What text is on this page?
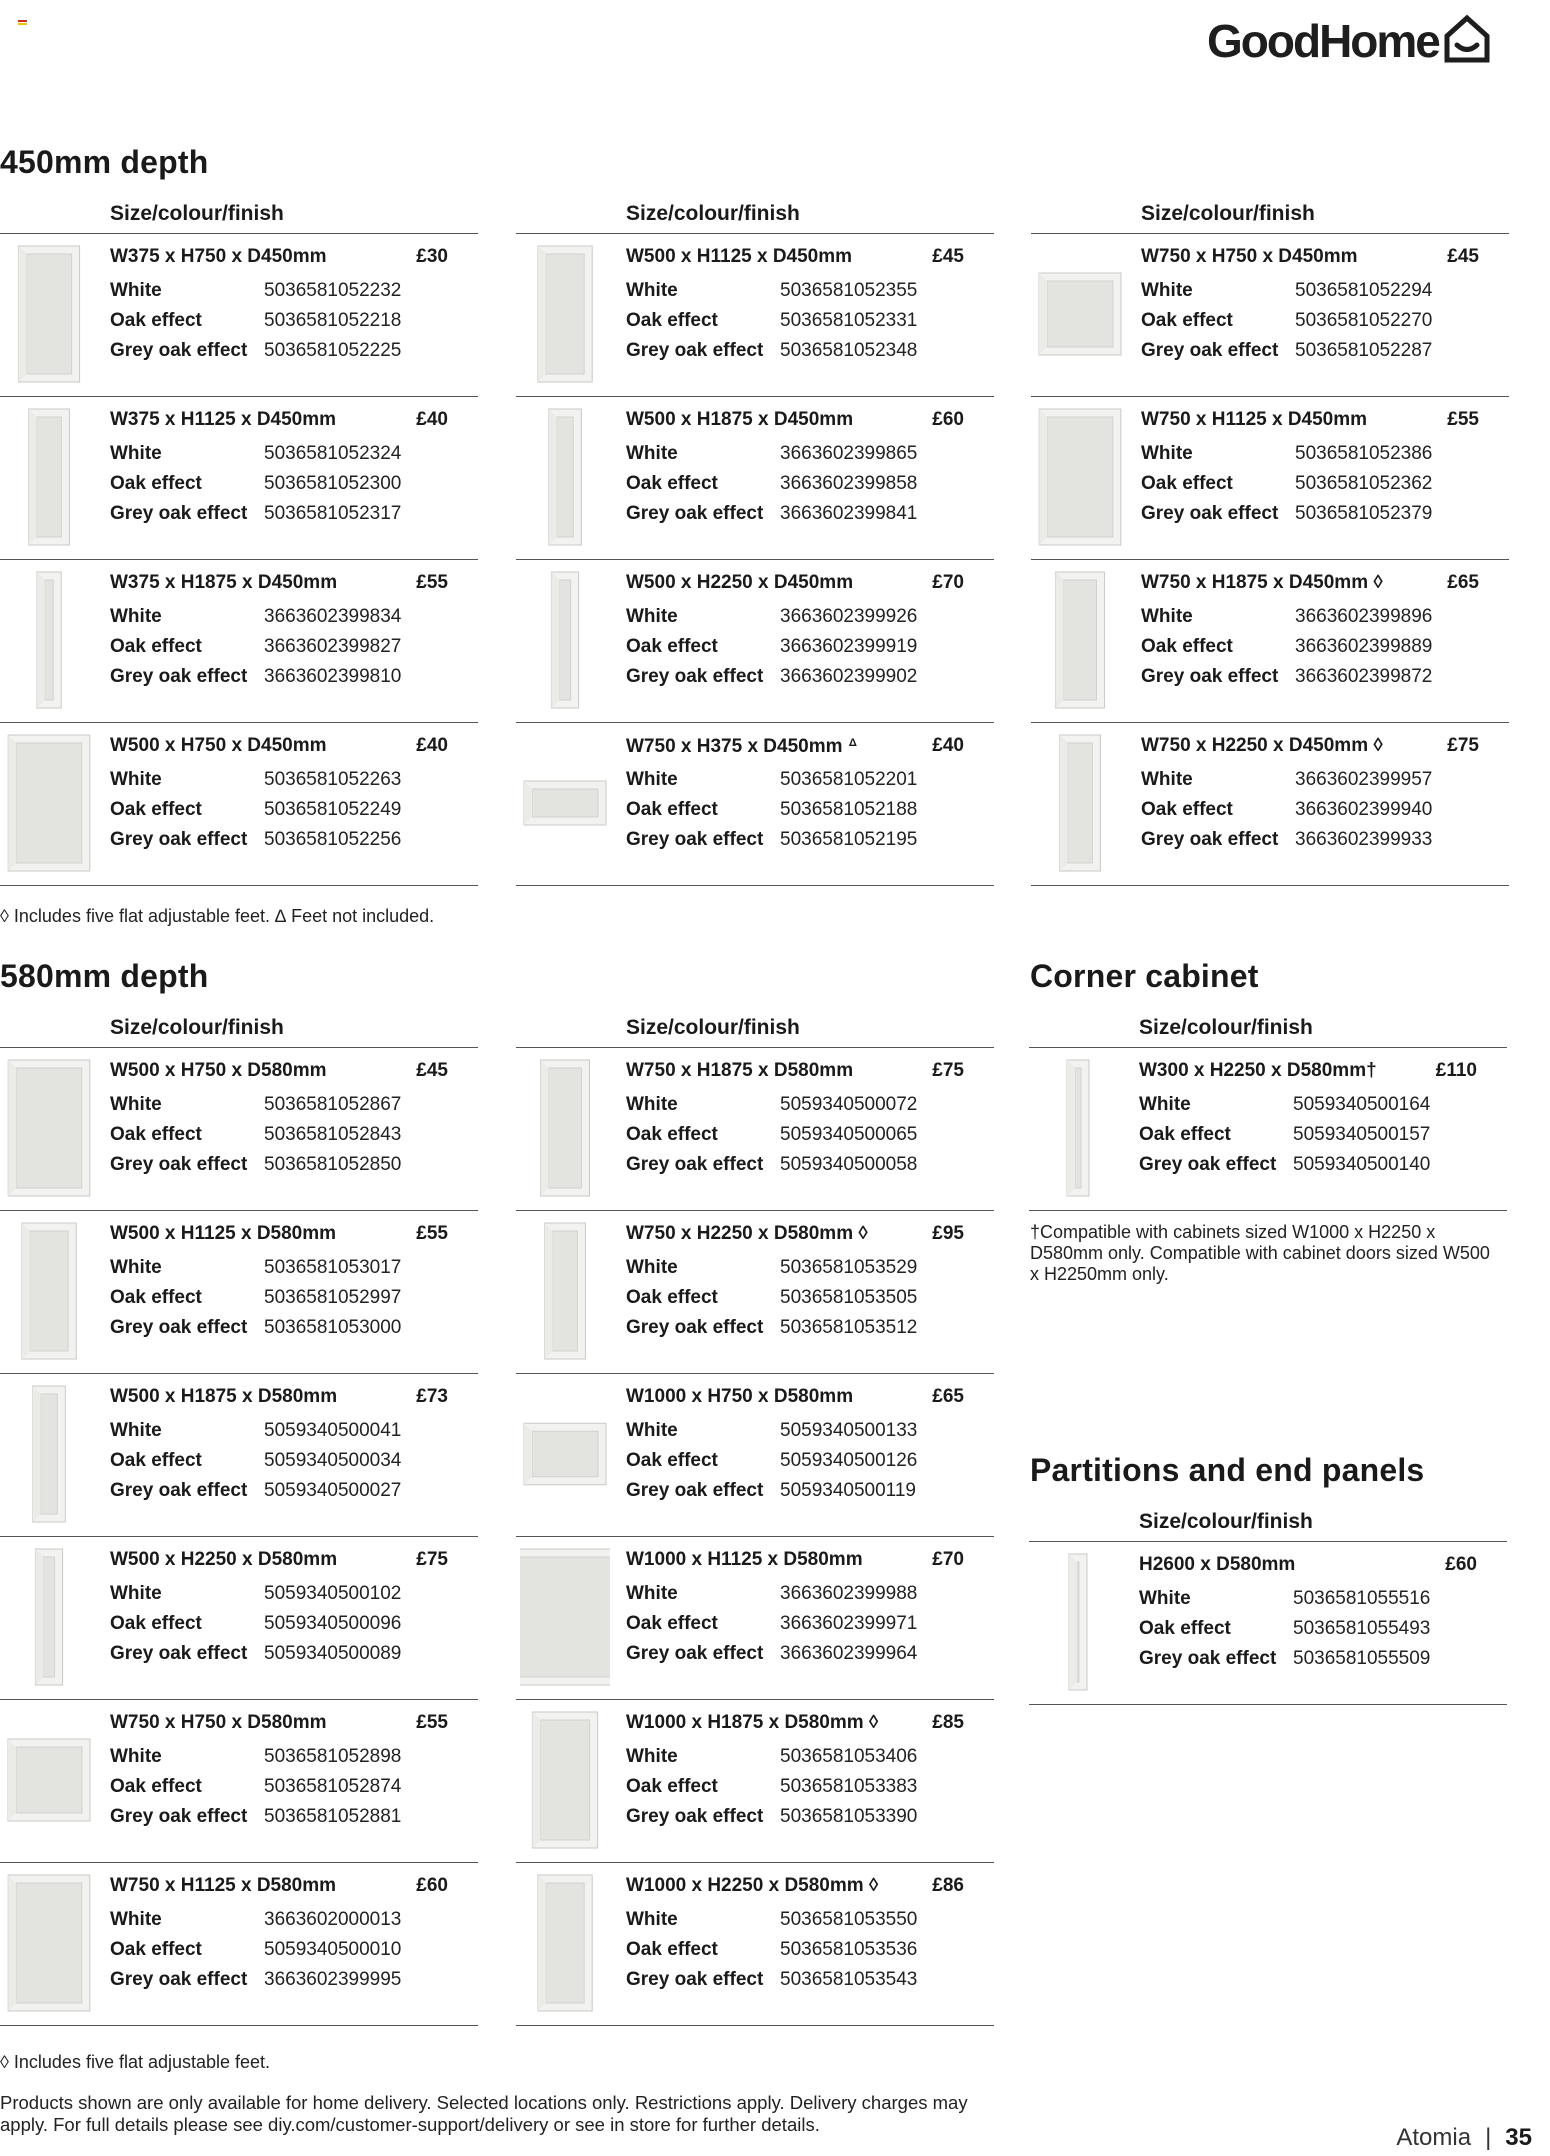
GoodHome
450mm depth
580mm depth	Corner cabinet
Partitions and end panels
Size/colour/finish
W375 x H750 x D450mm	£30
White	5036581052232
Oak effect	5036581052218
Grey oak effect 5036581052225
W375 x H1125 x D450mm	£40
White	5036581052324
Oak effect	5036581052300
Grey oak effect 5036581052317
W375 x H1875 x D450mm	£55
White	3663602399834
Oak effect	3663602399827
Grey oak effect 3663602399810
W500 x H750 x D450mm	£40
White	5036581052263
Oak effect	5036581052249
Grey oak effect 5036581052256
Size/colour/finish
W500 x H1125 x D450mm	£45
White	5036581052355
Oak effect	5036581052331
Grey oak effect 5036581052348
W500 x H1875 x D450mm	£60
White	3663602399865
Oak effect	3663602399858
Grey oak effect 3663602399841
W500 x H2250 x D450mm	£70
White	3663602399926
Oak effect	3663602399919
Grey oak effect 3663602399902
W750 x H375 x D450mm ᐞ	£40
White	5036581052201
Oak effect	5036581052188
Grey oak effect 5036581052195
Size/colour/finish
W750 x H750 x D450mm	£45
White	5036581052294
Oak effect	5036581052270
Grey oak effect 5036581052287
W750 x H1125 x D450mm	£55
White	5036581052386
Oak effect	5036581052362
Grey oak effect 5036581052379
W750 x H1875 x D450mm ◊	£65
White	3663602399896
Oak effect	3663602399889
Grey oak effect 3663602399872
W750 x H2250 x D450mm ◊	£75
White	3663602399957
Oak effect	3663602399940
Grey oak effect 3663602399933
◊ Includes five flat adjustable feet. ∆ Feet not included.
Size/colour/finish
W500 x H750 x D580mm	£45
White	5036581052867
Oak effect	5036581052843
Grey oak effect 5036581052850
W500 x H1125 x D580mm	£55
White	5036581053017
Oak effect	5036581052997
Grey oak effect 5036581053000
W500 x H1875 x D580mm	£73
White	5059340500041
Oak effect	5059340500034
Grey oak effect 5059340500027
W500 x H2250 x D580mm	£75
White	5059340500102
Oak effect	5059340500096
Grey oak effect 5059340500089
W750 x H750 x D580mm	£55
White	5036581052898
Oak effect	5036581052874
Grey oak effect 5036581052881
W750 x H1125 x D580mm	£60
White	3663602000013
Oak effect	5059340500010
Grey oak effect 3663602399995
Size/colour/finish
W750 x H1875 x D580mm	£75
White	5059340500072
Oak effect	5059340500065
Grey oak effect 5059340500058
W750 x H2250 x D580mm ◊	£95
White	5036581053529
Oak effect	5036581053505
Grey oak effect 5036581053512
W1000 x H750 x D580mm	£65
White	5059340500133
Oak effect	5059340500126
Grey oak effect 5059340500119
W1000 x H1125 x D580mm	£70
White	3663602399988
Oak effect	3663602399971
Grey oak effect 3663602399964
W1000 x H1875 x D580mm ◊	£85
White	5036581053406
Oak effect	5036581053383
Grey oak effect 5036581053390
W1000 x H2250 x D580mm ◊	£86
White	5036581053550
Oak effect	5036581053536
Grey oak effect 5036581053543
Size/colour/finish
W300 x H2250 x D580mm†	£110
White	5059340500164
Oak effect	5059340500157
Grey oak effect 5059340500140
†Compatible with cabinets sized W1000 x H2250 x D580mm only. Compatible with cabinet doors sized W500 x H2250mm only.
Size/colour/finish
H2600 x D580mm	£60
White	5036581055516
Oak effect	5036581055493
Grey oak effect 5036581055509
◊ Includes five flat adjustable feet.
Products shown are only available for home delivery. Selected locations only. Restrictions apply. Delivery charges may apply. For full details please see diy.com/customer-support/delivery or see in store for further details.	Atomia | 35
